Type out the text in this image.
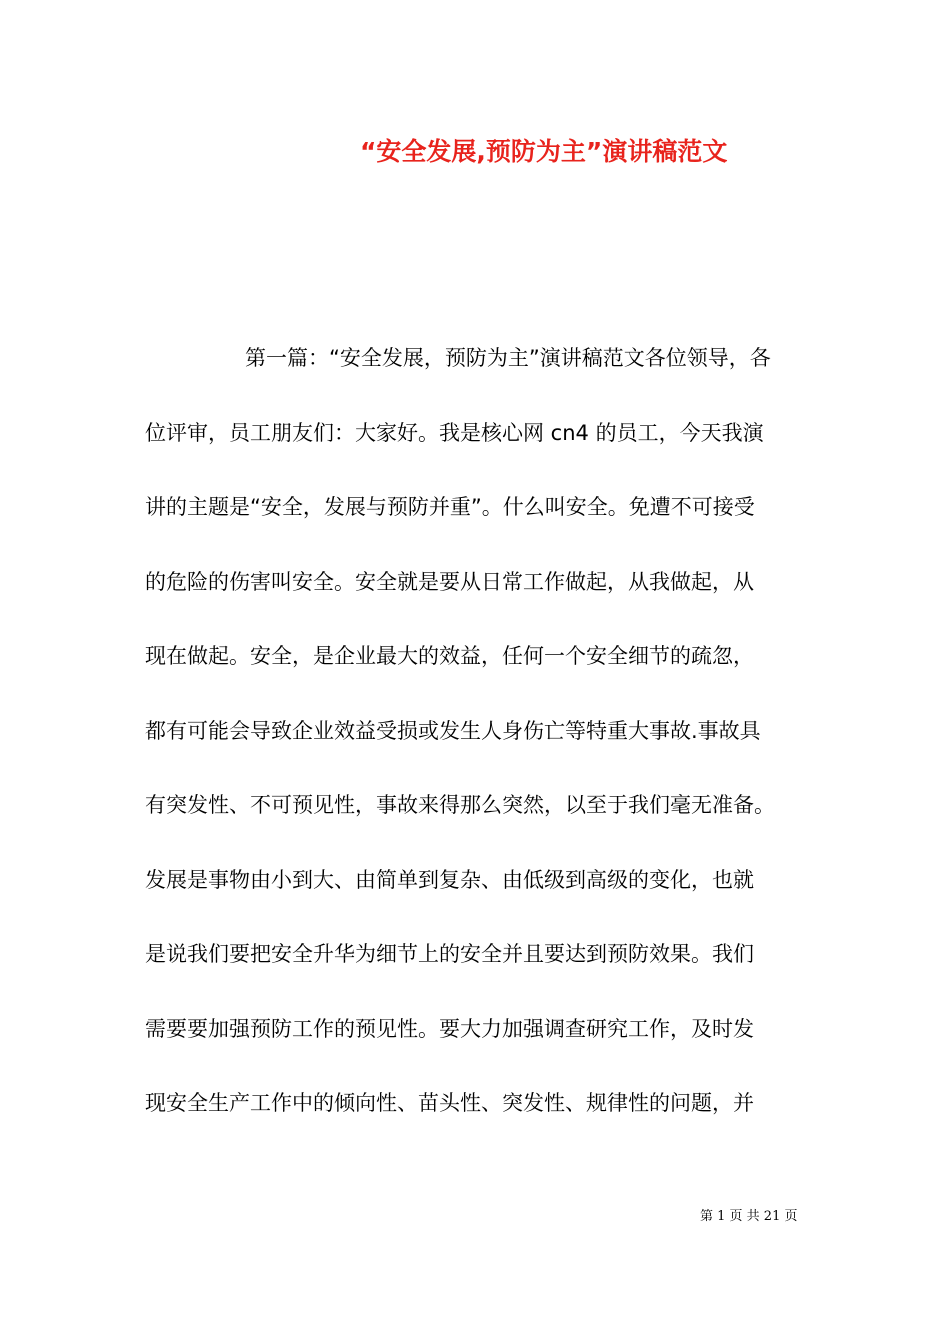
“安全发展,预防为主”演讲稿范文

第一篇：“安全发展，预防为主”演讲稿范文各位领导，各

位评审，员工朋友们：大家好。我是核心网 cn4 的员工，今天我演

讲的主题是“安全，发展与预防并重”。什么叫安全。免遭不可接受

的危险的伤害叫安全。安全就是要从日常工作做起，从我做起，从

现在做起。安全，是企业最大的效益，任何一个安全细节的疏忽，

都有可能会导致企业效益受损或发生人身伤亡等特重大事故.事故具

有突发性、不可预见性，事故来得那么突然，以至于我们毫无准备。

发展是事物由小到大、由简单到复杂、由低级到高级的变化，也就

是说我们要把安全升华为细节上的安全并且要达到预防效果。我们

需要要加强预防工作的预见性。要大力加强调查研究工作，及时发

现安全生产工作中的倾向性、苗头性、突发性、规律性的问题，并

第 1 页 共 21 页
